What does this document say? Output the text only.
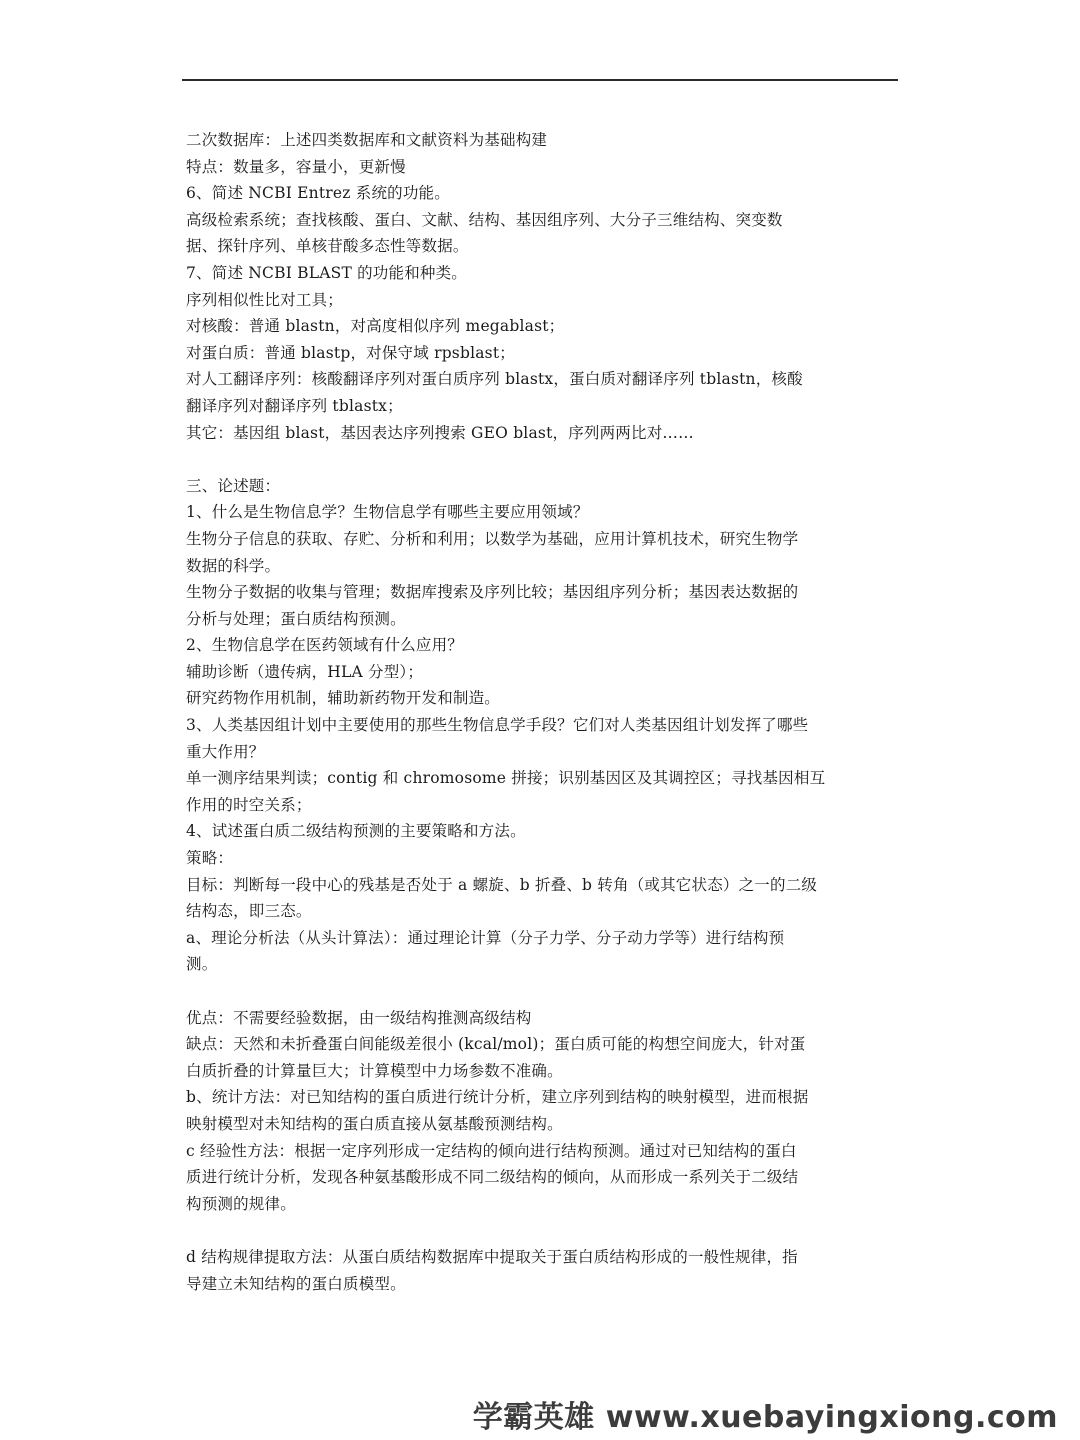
二次数据库：上述四类数据库和文献资料为基础构建
特点：数量多，容量小，更新慢
6、简述 NCBI Entrez 系统的功能。
高级检索系统；查找核酸、蛋白、文献、结构、基因组序列、大分子三维结构、突变数
据、探针序列、单核苷酸多态性等数据。
7、简述 NCBI BLAST 的功能和种类。
序列相似性比对工具；
对核酸：普通 blastn，对高度相似序列 megablast；
对蛋白质：普通 blastp，对保守域 rpsblast；
对人工翻译序列：核酸翻译序列对蛋白质序列 blastx，蛋白质对翻译序列 tblastn，核酸
翻译序列对翻译序列 tblastx；
其它：基因组 blast，基因表达序列搜索 GEO blast，序列两两比对……
三、论述题：
1、什么是生物信息学？生物信息学有哪些主要应用领域？
生物分子信息的获取、存贮、分析和利用；以数学为基础，应用计算机技术，研究生物学
数据的科学。
生物分子数据的收集与管理；数据库搜索及序列比较；基因组序列分析；基因表达数据的
分析与处理；蛋白质结构预测。
2、生物信息学在医药领域有什么应用？
辅助诊断（遗传病，HLA 分型）；
研究药物作用机制，辅助新药物开发和制造。
3、人类基因组计划中主要使用的那些生物信息学手段？它们对人类基因组计划发挥了哪些
重大作用？
单一测序结果判读；contig 和 chromosome 拼接；识别基因区及其调控区；寻找基因相互
作用的时空关系；
4、试述蛋白质二级结构预测的主要策略和方法。
策略：
目标：判断每一段中心的残基是否处于 a 螺旋、b 折叠、b 转角（或其它状态）之一的二级
结构态，即三态。
a、理论分析法（从头计算法）：通过理论计算（分子力学、分子动力学等）进行结构预
测。
优点：不需要经验数据，由一级结构推测高级结构
缺点：天然和未折叠蛋白间能级差很小 (kcal/mol)；蛋白质可能的构想空间庞大，针对蛋
白质折叠的计算量巨大；计算模型中力场参数不准确。
b、统计方法：对已知结构的蛋白质进行统计分析，建立序列到结构的映射模型，进而根据
映射模型对未知结构的蛋白质直接从氨基酸预测结构。
c 经验性方法：根据一定序列形成一定结构的倾向进行结构预测。通过对已知结构的蛋白
质进行统计分析，发现各种氨基酸形成不同二级结构的倾向，从而形成一系列关于二级结
构预测的规律。
d 结构规律提取方法：从蛋白质结构数据库中提取关于蛋白质结构形成的一般性规律，指
导建立未知结构的蛋白质模型。
学霸英雄 www.xuebayingxiong.com
